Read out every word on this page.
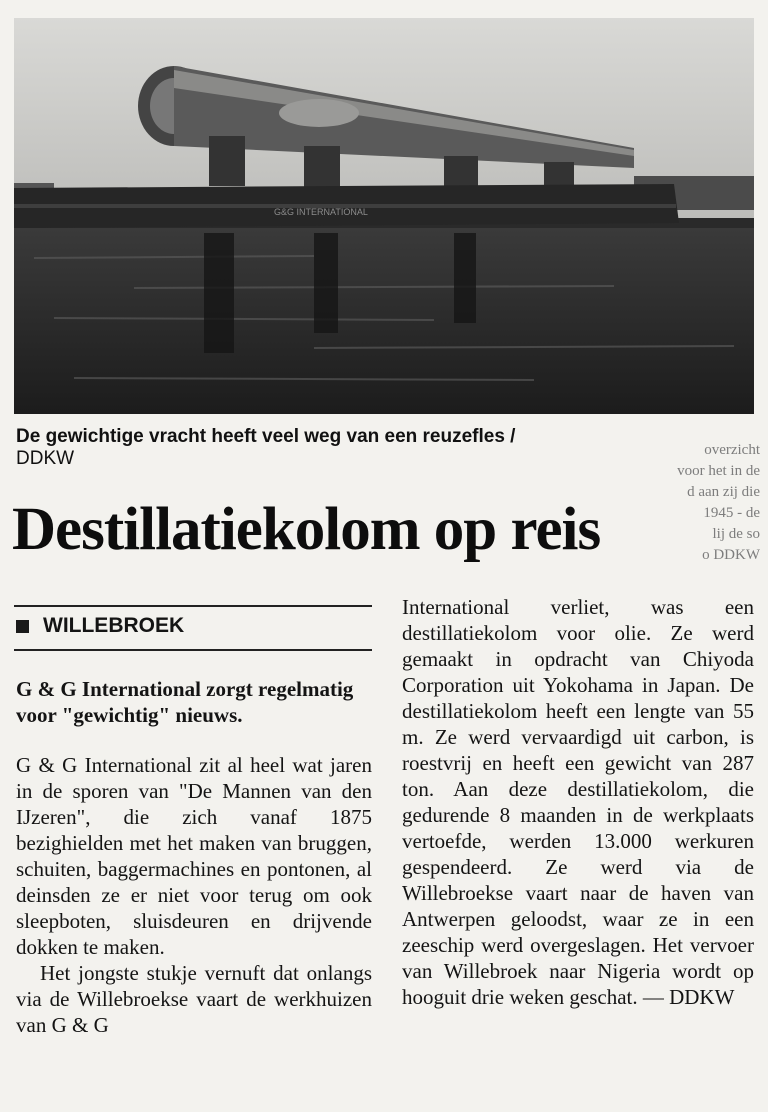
G&G INTERNATIONAL
De gewichtige vracht heeft veel weg van een reuzefles /
DDKW
Destillatiekolom op reis
WILLEBROEK

G & G International zorgt regelmatig voor "gewichtig" nieuws.

G & G International zit al heel wat jaren in de sporen van "De Mannen van den IJzeren", die zich vanaf 1875 bezighielden met het maken van bruggen, schuiten, baggermachines en pontonen, al deinsden ze er niet voor terug om ook sleepboten, sluisdeuren en drijvende dokken te maken.

Het jongste stukje vernuft dat onlangs via de Willebroekse vaart de werkhuizen van G & G

International verliet, was een destillatiekolom voor olie. Ze werd gemaakt in opdracht van Chiyoda Corporation uit Yokohama in Japan. De destillatiekolom heeft een lengte van 55 m. Ze werd vervaardigd uit carbon, is roestvrij en heeft een gewicht van 287 ton. Aan deze destillatiekolom, die gedurende 8 maanden in de werkplaats vertoefde, werden 13.000 werkuren gespendeerd. Ze werd via de Willebroekse vaart naar de haven van Antwerpen geloodst, waar ze in een zeeschip werd overgeslagen. Het vervoer van Willebroek naar Nigeria wordt op hooguit drie weken geschat. — DDKW

overzicht
voor het in de
d aan zij die
1945 - de
lij de so
o DDKW
